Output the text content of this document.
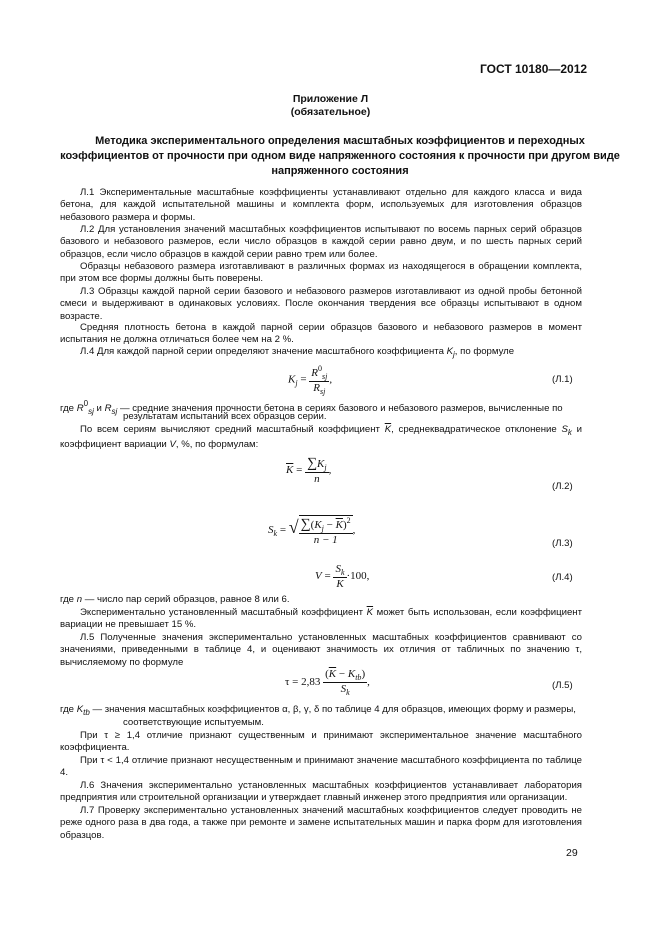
ГОСТ 10180—2012
Приложение Л
(обязательное)
Методика экспериментального определения масштабных коэффициентов и переходных коэффициентов от прочности при одном виде напряженного состояния к прочности при другом виде напряженного состояния
Л.1 Экспериментальные масштабные коэффициенты устанавливают отдельно для каждого класса и вида бетона, для каждой испытательной машины и комплекта форм, используемых для изготовления образцов небазового размера и формы.
Л.2 Для установления значений масштабных коэффициентов испытывают по восемь парных серий образцов базового и небазового размеров, если число образцов в каждой серии равно двум, и по шесть парных серий образцов, если число образцов в каждой серии равно трем или более.
Образцы небазового размера изготавливают в различных формах из находящегося в обращении комплекта, при этом все формы должны быть поверены.
Л.3 Образцы каждой парной серии базового и небазового размеров изготавливают из одной пробы бетонной смеси и выдерживают в одинаковых условиях. После окончания твердения все образцы испытывают в одном возрасте.
Средняя плотность бетона в каждой парной серии образцов базового и небазового размеров в момент испытания не должна отличаться более чем на 2 %.
Л.4 Для каждой парной серии определяют значение масштабного коэффициента $K_j$, по формуле
$K_j = \frac{R^0_{sj}}{R_{sj}}$ ,	(Л.1)
где $R^0_{sj}$ и $R_{sj}$ — средние значения прочности бетона в сериях базового и небазового размеров, вычисленные по
результатам испытаний всех образцов серии.
По всем сериям вычисляют средний масштабный коэффициент $\overline{K}$, среднеквадратическое отклонение $S_k$ и коэффициент вариации V, %, по формулам:
$\overline{K} = \frac{\sum K_j}{n}$ ,
(Л.2)
$S_k$ = √ $\frac{\sum(K_j - \overline{K})^2}{n - 1}$ ,
(Л.3)
$V = \frac{S_k}{K} \cdot 100$,	(Л.4)
где n — число пар серий образцов, равное 8 или 6.
Экспериментально установленный масштабный коэффициент $\overline{K}$ может быть использован, если коэффициент вариации не превышает 15 %.
Л.5 Полученные значения экспериментально установленных масштабных коэффициентов сравнивают со значениями, приведенными в таблице 4, и оценивают значимость их отличия от табличных по значению τ, вычисляемому по формуле
$\tau = 2,83 \frac{(\overline{K} - K_{tb})}{S_k}$ ,	(Л.5)
где $K_{tb}$ — значения масштабных коэффициентов α, β, γ, δ по таблице 4 для образцов, имеющих форму и размеры,
соответствующие испытуемым.
При τ ≥ 1,4 отличие признают существенным и принимают экспериментальное значение масштабного коэффициента.
При τ < 1,4 отличие признают несущественным и принимают значение масштабного коэффициента по таблице 4.
Л.6 Значения экспериментально установленных масштабных коэффициентов устанавливает лаборатория предприятия или строительной организации и утверждает главный инженер этого предприятия или организации.
Л.7 Проверку экспериментально установленных значений масштабных коэффициентов следует проводить не реже одного раза в два года, а также при ремонте и замене испытательных машин и парка форм для изготовления образцов.
29
